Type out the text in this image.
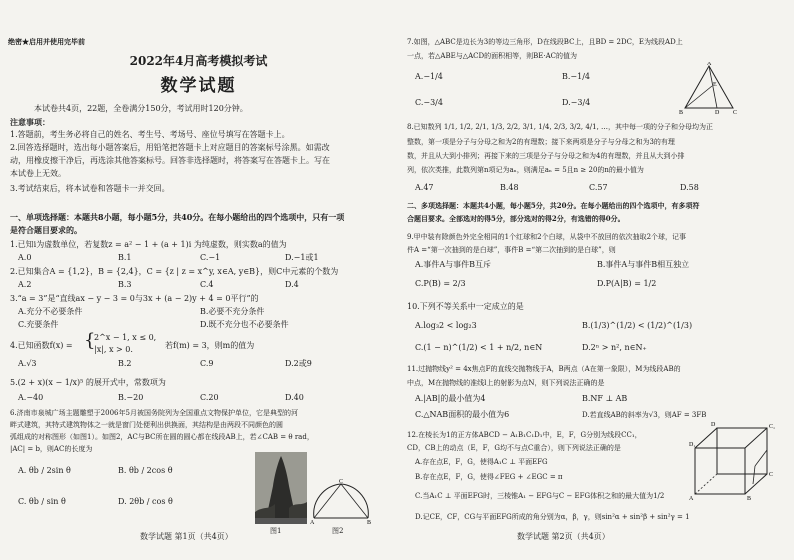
绝密★启用并使用完毕前
2022年4月高考模拟考试
数学试题
本试卷共4页，22题，全卷满分150分，考试用时120分钟。
注意事项：
1.答题前，考生务必将自己的姓名、考生号、考场号、座位号填写在答题卡上。
2.回答选择题时，选出每小题答案后，用铅笔把答题卡上对应题目的答案标号涂黑。如需改
动，用橡皮擦干净后，再选涂其他答案标号。回答非选择题时，将答案写在答题卡上。写在
本试卷上无效。
3.考试结束后，将本试卷和答题卡一并交回。
一、单项选择题：本题共8小题，每小题5分，共40分。在每小题给出的四个选项中，只有一项
是符合题目要求的。
1.已知i为虚数单位，若复数z = a² − 1 + (a + 1)i 为纯虚数，则实数a的值为
A.0	B.1	C.−1	D.−1或1
2.已知集合A = {1,2}，B = {2,4}，C = {z | z = x^y, x∈A, y∈B}，则C中元素的个数为
A.2	B.3	C.4	D.4
3.“a = 3”是“直线ax − y − 3 = 0与3x + (a − 2)y + 4 = 0平行”的
A.充分不必要条件	B.必要不充分条件
C.充要条件	D.既不充分也不必要条件
4.已知函数f(x) = {
2^x − 1, x ≤ 0,
|x|, x > 0.	若f(m) = 3，则m的值为
A.√3	B.2	C.9	D.2或9
5.(2 + x)(x − 1/x)⁵ 的展开式中，常数项为
A.−40	B.−20	C.20	D.40
6.济南市泉城广场主题雕塑于2006年5月被国务院列为全国重点文物保护单位，它是典型的河
畔式建筑，其特式建筑物体之一就是窗门处便利出供换面，其结构是由两段不同颜色的圆
弧组成的对称图形（如图1）。如图2，AC与BC所在圆的圆心都在线段AB上，若∠CAB = θ rad，
|AC| = b，则AC的长度为
A. θb / 2sin θ	B. θb / 2cos θ
C. θb / sin θ	D. 2θb / cos θ
图1
A	B
C
图2
数学试题 第1页（共4页）
7.如图，△ABC是边长为3的等边三角形，D在线段BC上，且BD = 2DC，E为线段AD上
一点，若△ABE与△ACD的面积相等，则BE·AC的值为
A.−1/4	B.−1/4
C.−3/4	D.−3/4
A
B	D C
E
8.已知数列 1/1, 1/2, 2/1, 1/3, 2/2, 3/1, 1/4, 2/3, 3/2, 4/1, …，其中每一项的分子和分母均为正
整数，第一项是分子与分母之和为2的有理数；接下来两项是分子与分母之和为3的有理
数，并且从大到小排列；再接下来的三项是分子与分母之和为4的有理数，并且从大到小排
列，依次类推，此数列第n项记为aₙ，则满足aₙ = 5且n ≥ 20的n的最小值为
A.47	B.48	C.57	D.58
二、多项选择题：本题共4小题，每小题5分，共20分。在每小题给出的四个选项中，有多项符
合题目要求。全部选对的得5分，部分选对的得2分，有选错的得0分。
9.甲中装有除颜色外完全相同的1个红球和2个白球，从袋中不放回的依次抽取2个球，记事
件A =“第一次抽到的是白球”，事件B =“第二次抽到的是白球”，则
A.事件A与事件B互斥	B.事件A与事件B相互独立
C.P(B) = 2/3	D.P(A|B) = 1/2
10.下列不等关系中一定成立的是
A.log₃2 < log₂3	B.(1/3)^(1/2) < (1/2)^(1/3)
C.(1 − n)^(1/2) < 1 + n/2, n∈N	D.2ⁿ > n², n∈N₊
11.过抛物线y² = 4x焦点F的直线交抛物线于A，B两点（A在第一象限），M为线段AB的
中点，M在抛物线的准线l上的射影为点N，则下列说法正确的是
A.|AB|的最小值为4	B.NF ⊥ AB
C.△NAB面积的最小值为6	D.若直线AB的斜率为√3，则AF = 3FB
12.在棱长为1的正方体ABCD − A₁B₁C₁D₁中，E，F，G分别为线段CC₁，
CD，CB上的动点（E，F，G均不与点C重合），则下列说法正确的是
A.存在点E，F，G，使得A₁C ⊥ 平面EFG
B.存在点E，F，G，使得∠FEG + ∠EGC = π
C.当A₁C ⊥ 平面EFG时，三棱锥A₁ − EFG与C − EFG体积之和的最大值为1/2
D.记CE，CF，CG与平面EFG所成的角分别为α，β，γ，则sin²α + sin²β + sin²γ = 1
D₁
C₁
A	B
C
D
数学试题 第2页（共4页）
